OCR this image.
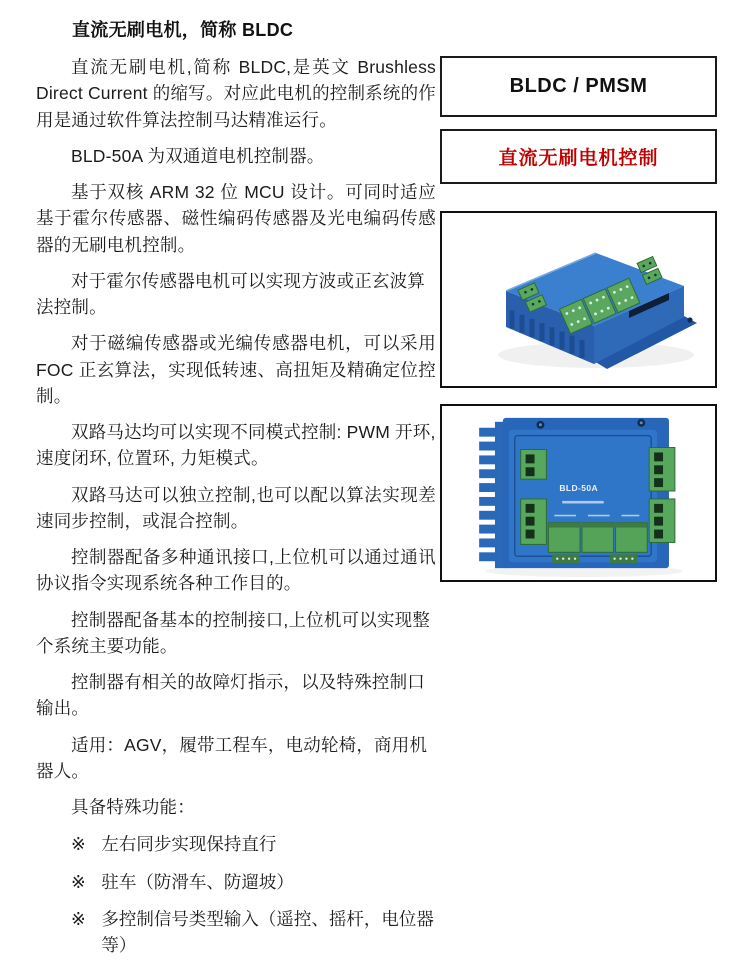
直流无刷电机，简称 BLDC

直流无刷电机,简称 BLDC,是英文 Brushless Direct Current 的缩写。对应此电机的控制系统的作用是通过软件算法控制马达精准运行。

BLD-50A 为双通道电机控制器。

基于双核 ARM 32 位 MCU 设计。可同时适应基于霍尔传感器、磁性编码传感器及光电编码传感器的无刷电机控制。

对于霍尔传感器电机可以实现方波或正玄波算法控制。

对于磁编传感器或光编传感器电机，可以采用 FOC 正玄算法，实现低转速、高扭矩及精确定位控制。

双路马达均可以实现不同模式控制: PWM 开环, 速度闭环, 位置环, 力矩模式。

双路马达可以独立控制,也可以配以算法实现差速同步控制，或混合控制。

控制器配备多种通讯接口,上位机可以通过通讯协议指令实现系统各种工作目的。

控制器配备基本的控制接口,上位机可以实现整个系统主要功能。

控制器有相关的故障灯指示，以及特殊控制口输出。

适用：AGV，履带工程车，电动轮椅，商用机器人。

具备特殊功能：

※ 左右同步实现保持直行
※ 驻车（防滑车、防遛坡）
※ 多控制信号类型输入（遥控、摇杆，电位器等）
BLDC / PMSM
直流无刷电机控制
BLD-50A
